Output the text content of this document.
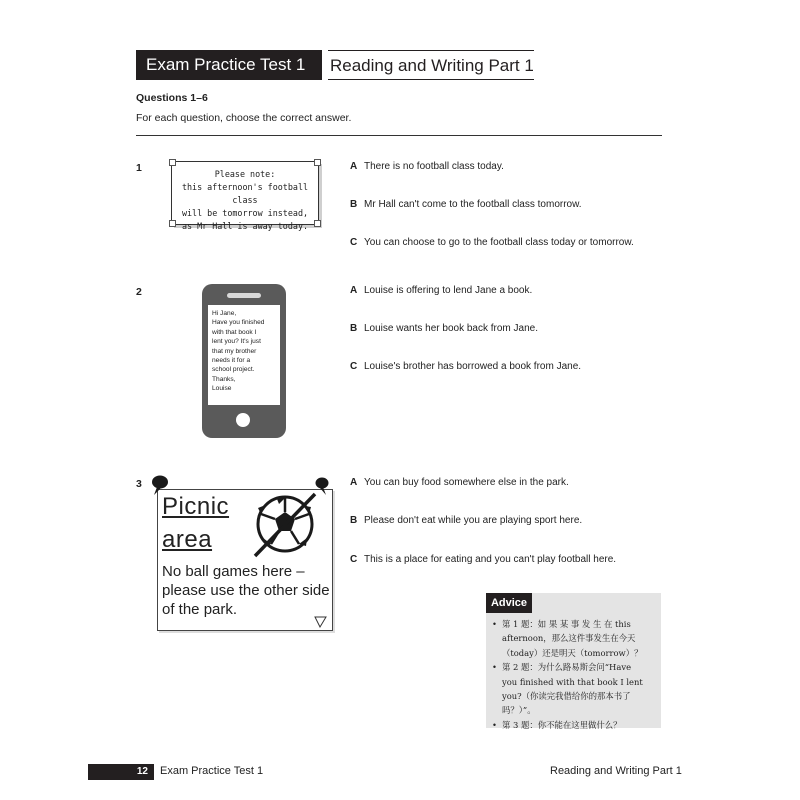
Exam Practice Test 1	Reading and Writing Part 1
Questions 1–6
For each question, choose the correct answer.
1	Please note:
this afternoon's football class
will be tomorrow instead,
as Mr Hall is away today.
A There is no football class today.
B Mr Hall can't come to the football class tomorrow.
C You can choose to go to the football class today or tomorrow.
2
Hi Jane,
Have you finished
with that book I
lent you? It's just
that my brother
needs it for a
school project.
Thanks,
Louise
A Louise is offering to lend Jane a book.
B Louise wants her book back from Jane.
C Louise's brother has borrowed a book from Jane.
3
Picnic
area
No ball games here –
please use the other side
of the park.
A You can buy food somewhere else in the park.
B Please don't eat while you are playing sport here.
C This is a place for eating and you can't play football here.
Advice
• 第 1 题：如 果 某 事 发 生 在 this
afternoon，那么这件事发生在今天
（today）还是明天（tomorrow）？
• 第 2 题：为什么路易斯会问“Have
you finished with that book I lent
you?（你读完我借给你的那本书了
吗？）”。
• 第 3 题：你不能在这里做什么？
12	Exam Practice Test 1	Reading and Writing Part 1
